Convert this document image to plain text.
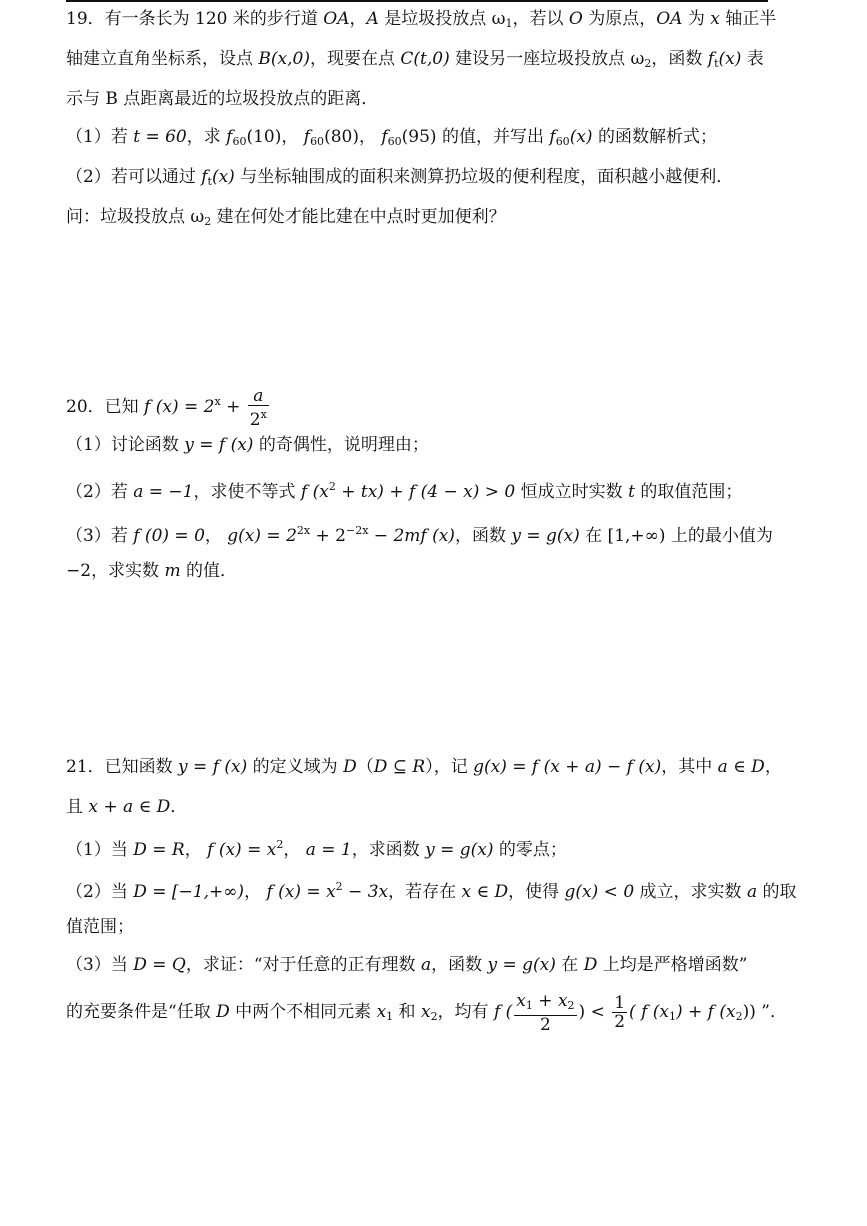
19．有一条长为 120 米的步行道 OA，A 是垃圾投放点 $\omega_1$，若以 O 为原点，OA 为 x 轴正半
轴建立直角坐标系，设点 B(x,0)，现要在点 C(t,0) 建设另一座垃圾投放点 $\omega_2$，函数 $f_t(x)$ 表
示与 B 点距离最近的垃圾投放点的距离．
（1）若 t = 60，求 $f_{60}(10)$， $f_{60}(80)$， $f_{60}(95)$ 的值，并写出 $f_{60}(x)$ 的函数解析式；
（2）若可以通过 $f_t(x)$ 与坐标轴围成的面积来测算扔垃圾的便利程度，面积越小越便利．
问：垃圾投放点 $\omega_2$ 建在何处才能比建在中点时更加便利？
20．已知 f $(x) = 2^x + \frac{a}{2^x}$
（1）讨论函数 y = f (x) 的奇偶性，说明理由；
（2）若 a = −1，求使不等式 f $(x^2 + tx) + f$ (4 − x) > 0 恒成立时实数 t 的取值范围；
（3）若 f (0) = 0， $g(x) = 2^{2x} + 2^{-2x} - 2mf$ (x)，函数 y = g(x) 在 [1,+∞) 上的最小值为
−2，求实数 m 的值．
21．已知函数 y = f (x) 的定义域为 D（D ⊆ R），记 g(x) = f (x + a) − f (x)，其中 a ∈ D，
且 x + a ∈ D．
（1）当 D = R， f $(x) = x^2$， a = 1，求函数 y = g(x) 的零点；
（2）当 D = [−1,+∞)， f $(x) = x^2 - 3x$，若存在 x ∈ D，使得 g(x) < 0 成立，求实数 a 的取
值范围；
（3）当 D = Q，求证：“对于任意的正有理数 a，函数 y = g(x) 在 D 上均是严格增函数”
的充要条件是“任取 D 中两个不相同元素 $x_1$ 和 $x_2$，均有 f ( $\frac{x_1 + x_2}{2}$ ) < $\frac{1}{2}$ ( f $(x_1) + f$ $(x_2)$) ”．
